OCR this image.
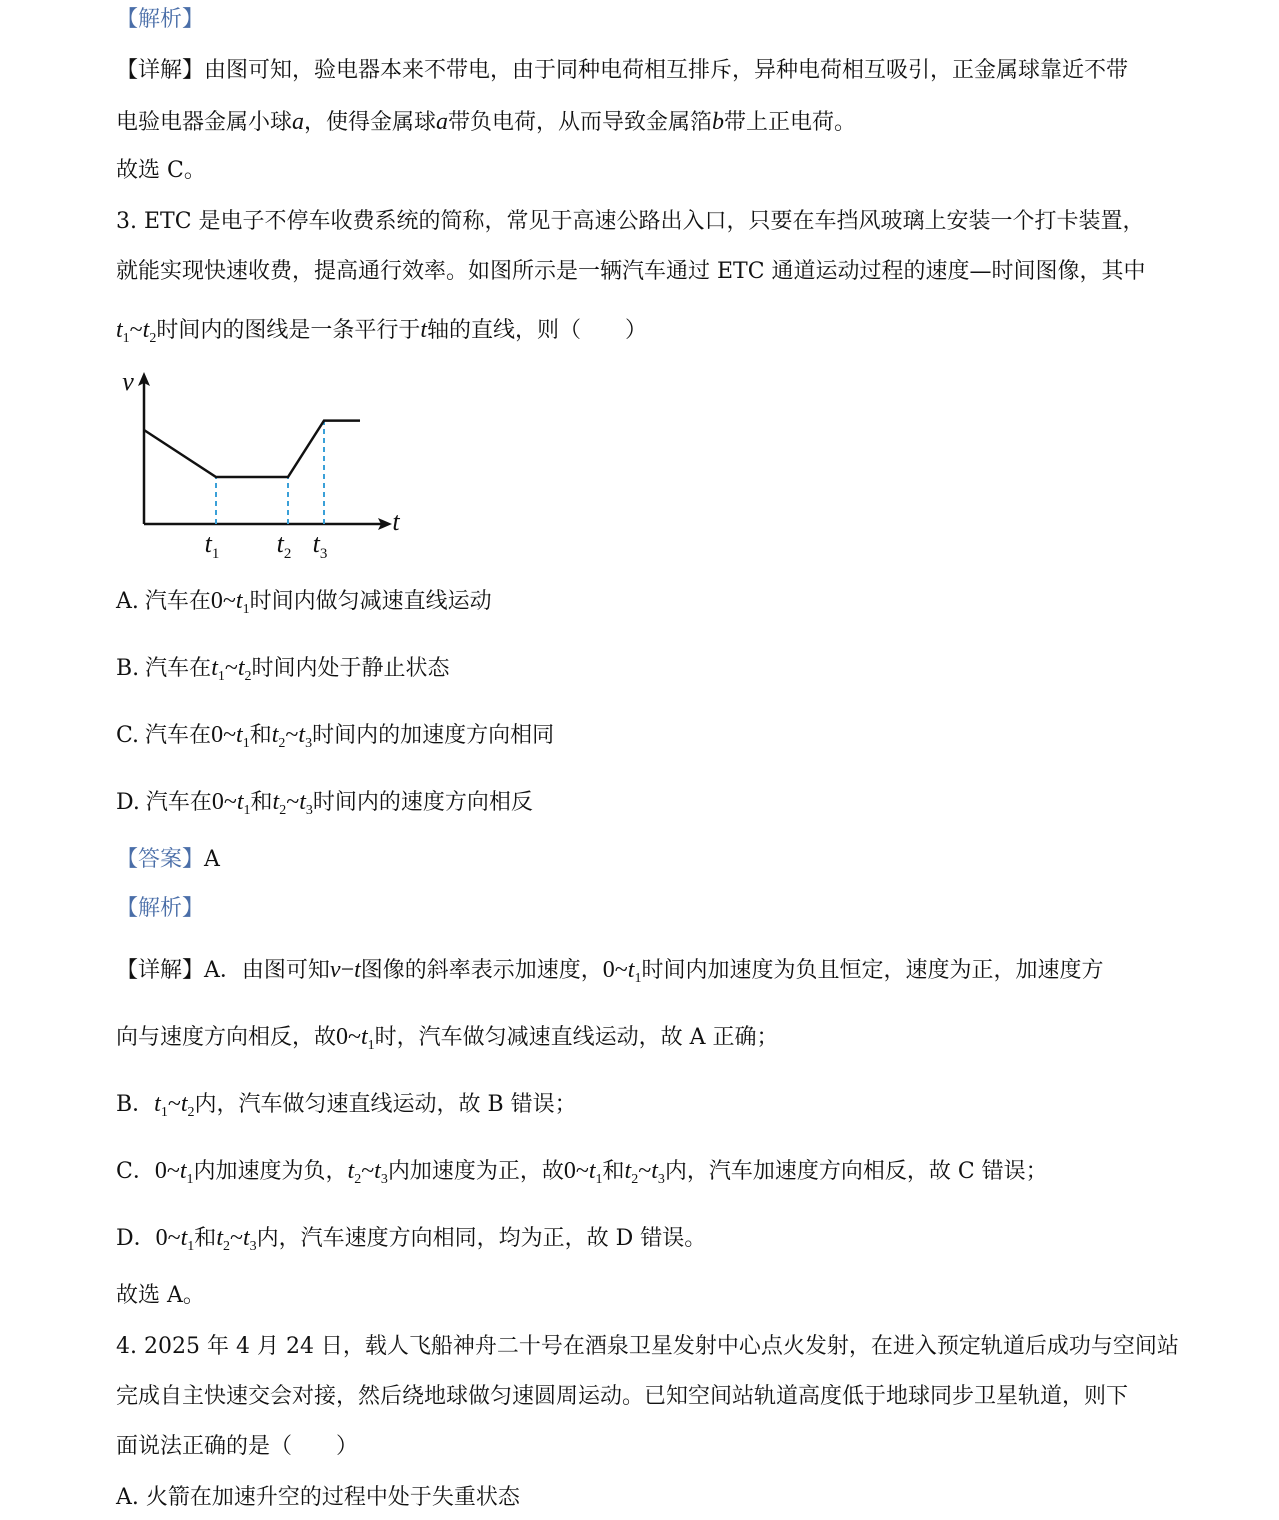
【解析】
【详解】由图可知，验电器本来不带电，由于同种电荷相互排斥，异种电荷相互吸引，正金属球靠近不带
电验电器金属小球a，使得金属球a带负电荷，从而导致金属箔b带上正电荷。
故选 C。
3. ETC 是电子不停车收费系统的简称，常见于高速公路出入口，只要在车挡风玻璃上安装一个打卡装置，
就能实现快速收费，提高通行效率。如图所示是一辆汽车通过 ETC 通道运动过程的速度—时间图像，其中
$t_1\sim t_2$时间内的图线是一条平行于t轴的直线，则（　　）
v
t
$t_1$ $t_2$ $t_3$
A. 汽车在$0\sim t_1$时间内做匀减速直线运动
B. 汽车在$t_1\sim t_2$时间内处于静止状态
C. 汽车在$0\sim t_1$和$t_2\sim t_3$时间内的加速度方向相同
D. 汽车在$0\sim t_1$和$t_2\sim t_3$时间内的速度方向相反
【答案】A
【解析】
【详解】A．由图可知v−t图像的斜率表示加速度，$0\sim t_1$时间内加速度为负且恒定，速度为正，加速度方
向与速度方向相反，故$0\sim t_1$时，汽车做匀减速直线运动，故 A 正确；
B．$t_1\sim t_2$内，汽车做匀速直线运动，故 B 错误；
C．$0\sim t_1$内加速度为负，$t_2\sim t_3$内加速度为正，故$0\sim t_1$和$t_2\sim t_3$内，汽车加速度方向相反，故 C 错误；
D．$0\sim t_1$和$t_2\sim t_3$内，汽车速度方向相同，均为正，故 D 错误。
故选 A。
4. 2025 年 4 月 24 日，载人飞船神舟二十号在酒泉卫星发射中心点火发射，在进入预定轨道后成功与空间站
完成自主快速交会对接，然后绕地球做匀速圆周运动。已知空间站轨道高度低于地球同步卫星轨道，则下
面说法正确的是（　　）
A. 火箭在加速升空的过程中处于失重状态
